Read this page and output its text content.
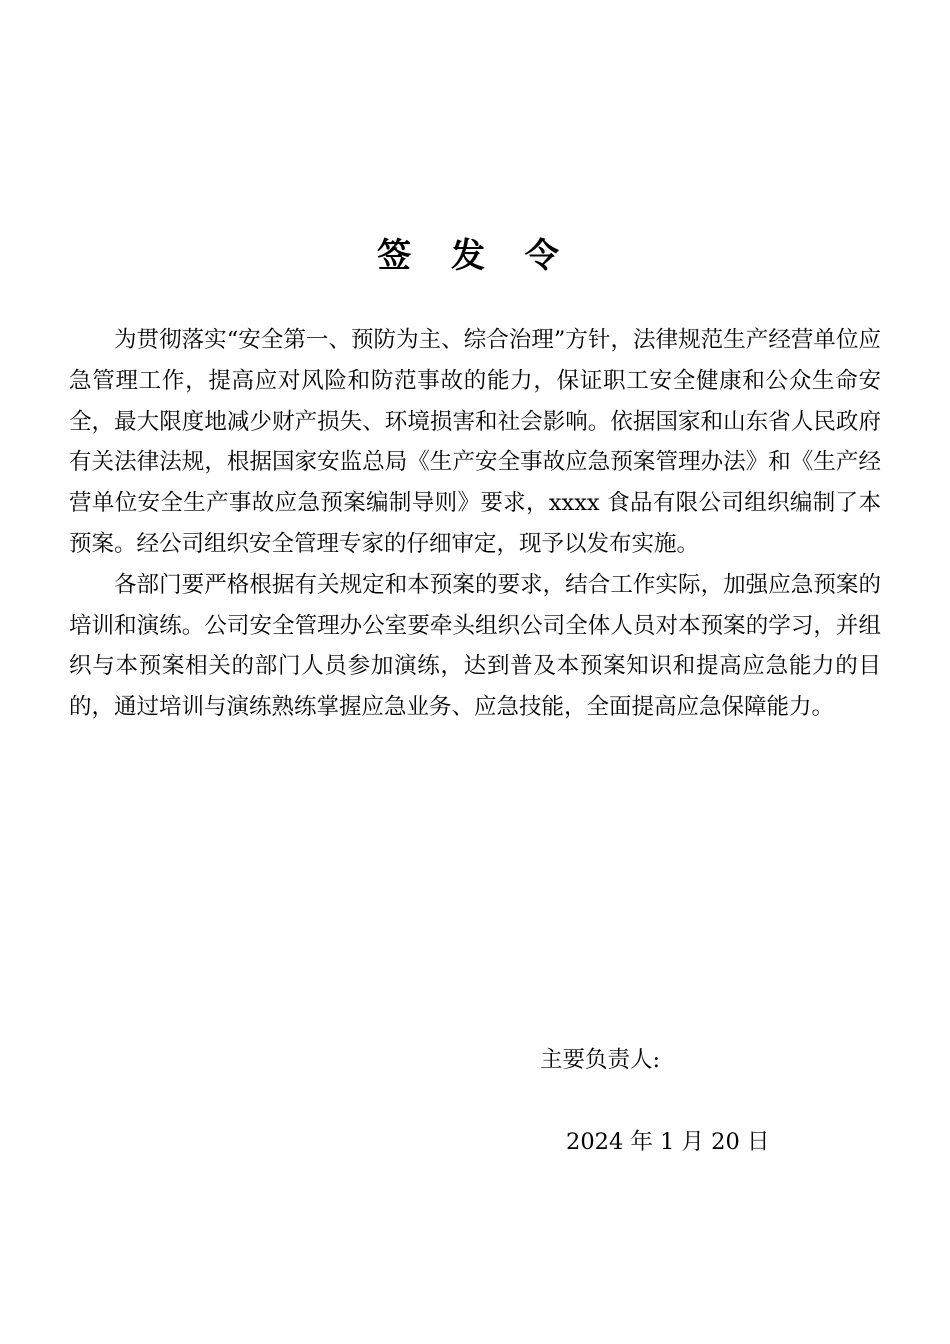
签 发 令

为贯彻落实“安全第一、预防为主、综合治理”方针，法律规范生产经营单位应急管理工作，提高应对风险和防范事故的能力，保证职工安全健康和公众生命安全，最大限度地减少财产损失、环境损害和社会影响。依据国家和山东省人民政府有关法律法规，根据国家安监总局《生产安全事故应急预案管理办法》和《生产经营单位安全生产事故应急预案编制导则》要求，xxxx 食品有限公司组织编制了本预案。经公司组织安全管理专家的仔细审定，现予以发布实施。

各部门要严格根据有关规定和本预案的要求，结合工作实际，加强应急预案的培训和演练。公司安全管理办公室要牵头组织公司全体人员对本预案的学习，并组织与本预案相关的部门人员参加演练，达到普及本预案知识和提高应急能力的目的，通过培训与演练熟练掌握应急业务、应急技能，全面提高应急保障能力。

主要负责人:
2024 年 1 月 20 日
